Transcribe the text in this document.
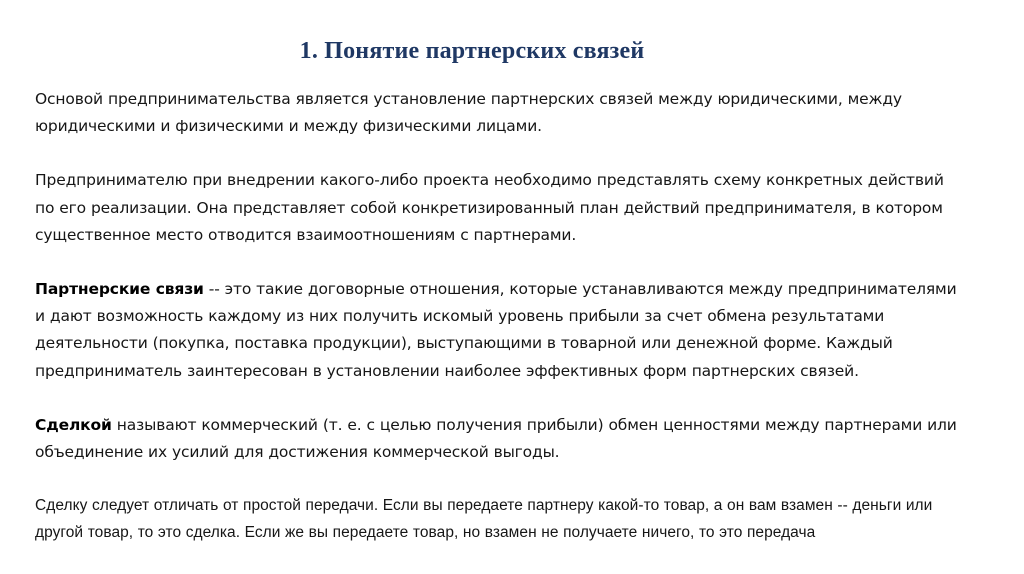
1. Понятие партнерских связей

Основой предпринимательства является установление партнерских связей между юридическими, между юридическими и физическими и между физическими лицами.

Предпринимателю при внедрении какого-либо проекта необходимо представлять схему конкретных действий по его реализации. Она представляет собой конкретизированный план действий предпринимателя, в котором существенное место отводится взаимоотношениям с партнерами.

Партнерские связи -- это такие договорные отношения, которые устанавливаются между предпринимателями и дают возможность каждому из них получить искомый уровень прибыли за счет обмена результатами деятельности (покупка, поставка продукции), выступающими в товарной или денежной форме. Каждый предприниматель заинтересован в установлении наиболее эффективных форм партнерских связей.

Сделкой называют коммерческий (т. е. с целью получения прибыли) обмен ценностями между партнерами или объединение их усилий для достижения коммерческой выгоды.

Сделку следует отличать от простой передачи. Если вы передаете партнеру какой-то товар, а он вам взамен -- деньги или другой товар, то это сделка. Если же вы передаете товар, но взамен не получаете ничего, то это передача
